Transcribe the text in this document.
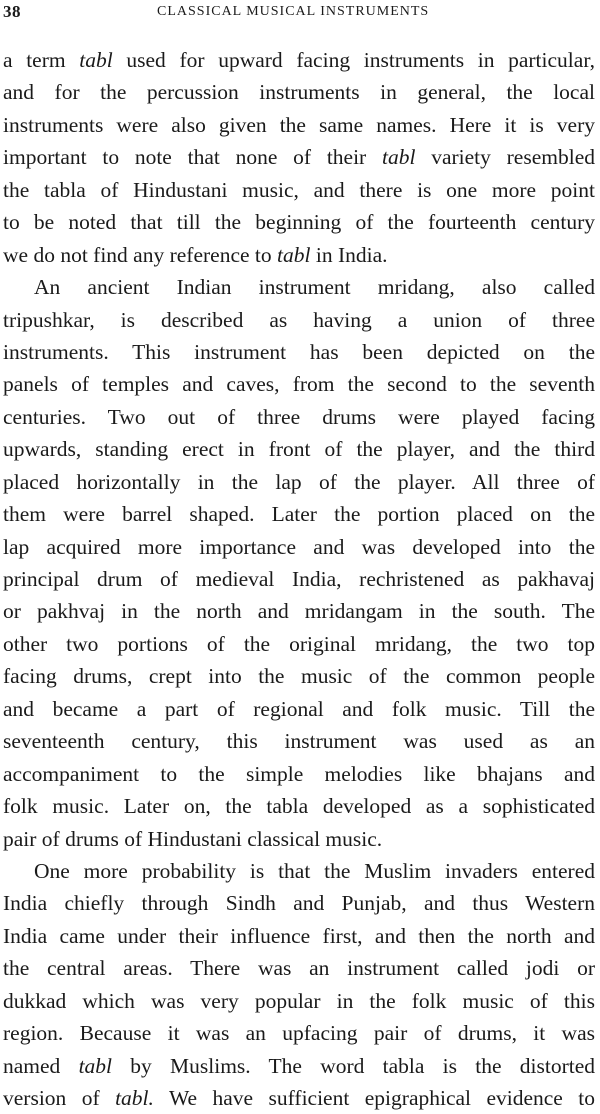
38	CLASSICAL MUSICAL INSTRUMENTS
a term tabl used for upward facing instruments in particular,
and for the percussion instruments in general, the local
instruments were also given the same names. Here it is very
important to note that none of their tabl variety resembled
the tabla of Hindustani music, and there is one more point
to be noted that till the beginning of the fourteenth century
we do not find any reference to tabl in India.
An ancient Indian instrument mridang, also called
tripushkar, is described as having a union of three
instruments. This instrument has been depicted on the
panels of temples and caves, from the second to the seventh
centuries. Two out of three drums were played facing
upwards, standing erect in front of the player, and the third
placed horizontally in the lap of the player. All three of
them were barrel shaped. Later the portion placed on the
lap acquired more importance and was developed into the
principal drum of medieval India, rechristened as pakhavaj
or pakhvaj in the north and mridangam in the south. The
other two portions of the original mridang, the two top
facing drums, crept into the music of the common people
and became a part of regional and folk music. Till the
seventeenth century, this instrument was used as an
accompaniment to the simple melodies like bhajans and
folk music. Later on, the tabla developed as a sophisticated
pair of drums of Hindustani classical music.
One more probability is that the Muslim invaders entered
India chiefly through Sindh and Punjab, and thus Western
India came under their influence first, and then the north and
the central areas. There was an instrument called jodi or
dukkad which was very popular in the folk music of this
region. Because it was an upfacing pair of drums, it was
named tabl by Muslims. The word tabla is the distorted
version of tabl. We have sufficient epigraphical evidence to
